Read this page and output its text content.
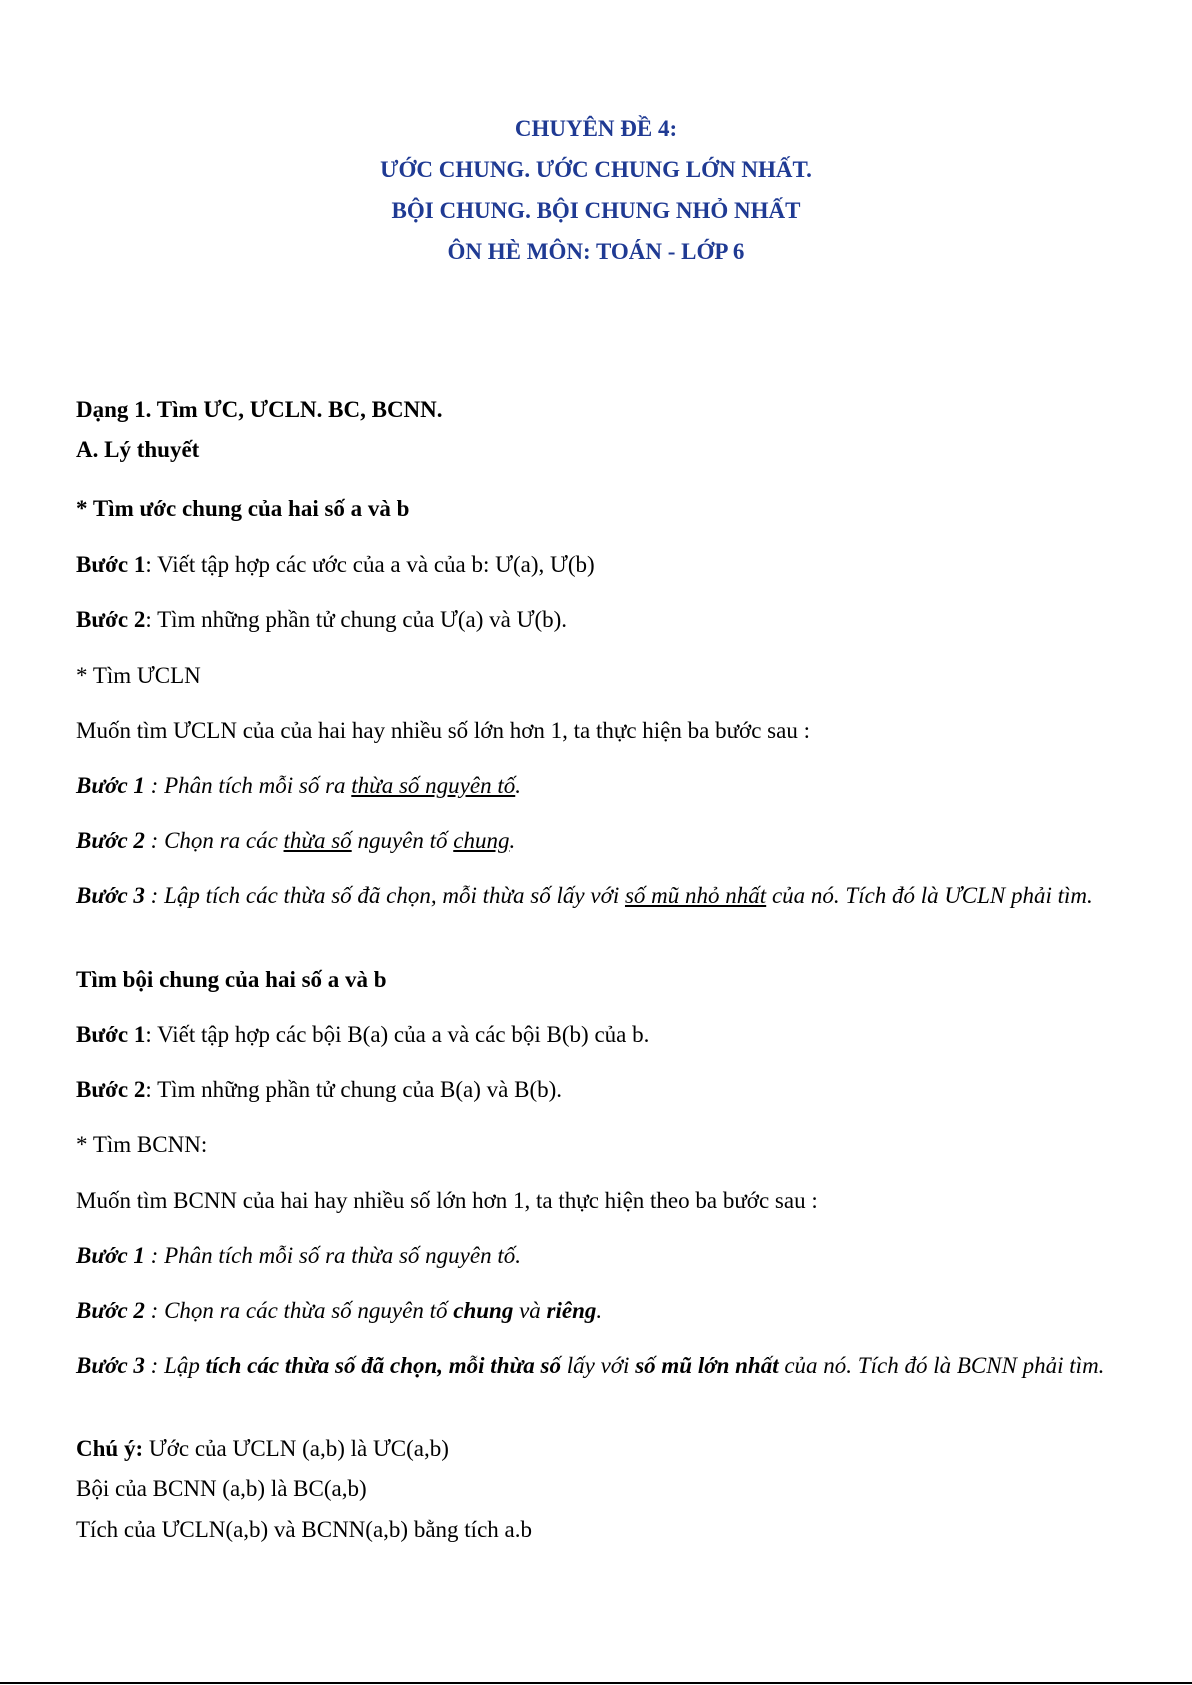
CHUYÊN ĐỀ 4:
ƯỚC CHUNG. ƯỚC CHUNG LỚN NHẤT.
BỘI CHUNG. BỘI CHUNG NHỎ NHẤT
ÔN HÈ MÔN: TOÁN - LỚP 6
Dạng 1. Tìm ƯC, ƯCLN. BC, BCNN.
A. Lý thuyết
* Tìm ước chung của hai số a và b
Bước 1: Viết tập hợp các ước của a và của b: Ư(a), Ư(b)
Bước 2: Tìm những phần tử chung của Ư(a) và Ư(b).
* Tìm ƯCLN
Muốn tìm ƯCLN của của hai hay nhiều số lớn hơn 1, ta thực hiện ba bước sau :
Bước 1 : Phân tích mỗi số ra thừa số nguyên tố.
Bước 2 : Chọn ra các thừa số nguyên tố chung.
Bước 3 : Lập tích các thừa số đã chọn, mỗi thừa số lấy với số mũ nhỏ nhất của nó. Tích đó là ƯCLN phải tìm.
Tìm bội chung của hai số a và b
Bước 1: Viết tập hợp các bội B(a) của a và các bội B(b) của b.
Bước 2: Tìm những phần tử chung của B(a) và B(b).
* Tìm BCNN:
Muốn tìm BCNN của hai hay nhiều số lớn hơn 1, ta thực hiện theo ba bước sau :
Bước 1 : Phân tích mỗi số ra thừa số nguyên tố.
Bước 2 : Chọn ra các thừa số nguyên tố chung và riêng.
Bước 3 : Lập tích các thừa số đã chọn, mỗi thừa số lấy với số mũ lớn nhất của nó. Tích đó là BCNN phải tìm.
Chú ý: Ước của ƯCLN (a,b) là ƯC(a,b)
Bội của BCNN (a,b) là BC(a,b)
Tích của ƯCLN(a,b) và BCNN(a,b) bằng tích a.b
